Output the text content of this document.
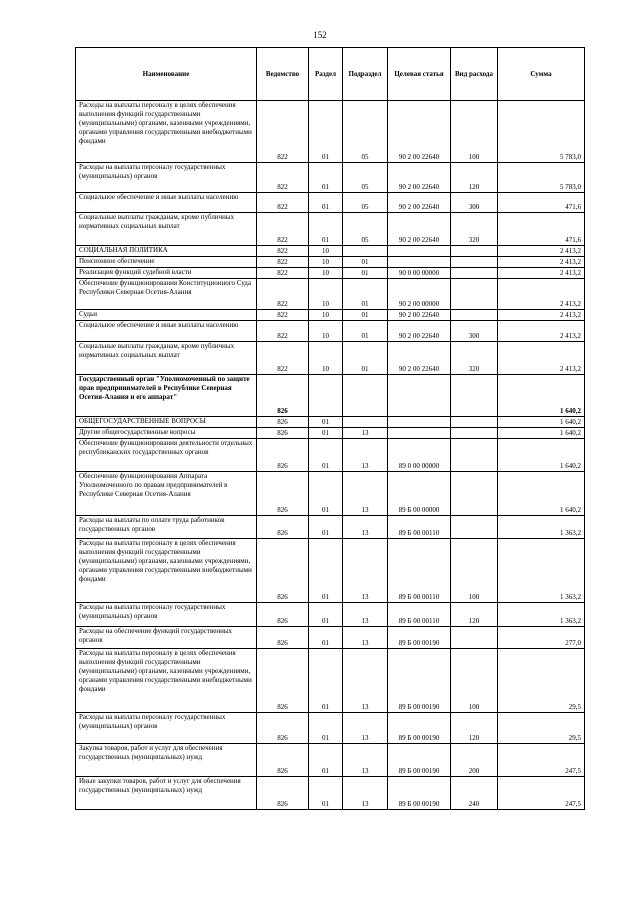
152
Наименование	Ведомство	Раздел	Подраздел	Целевая статья	Вид расхода	Сумма
Расходы на выплаты персоналу в целях обеспечения выполнения функций государственными (муниципальными) органами, казенными учреждениями, органами управления государственными внебюджетными фондами	822	01	05	90 2 00 22640	100	5 783,0
Расходы на выплаты персоналу государственных (муниципальных) органов	822	01	05	90 2 00 22640	120	5 783,0
Социальное обеспечение и иные выплаты населению	822	01	05	90 2 00 22640	300	471,6
Социальные выплаты гражданам, кроме публичных нормативных социальных выплат	822	01	05	90 2 00 22640	320	471,6
СОЦИАЛЬНАЯ ПОЛИТИКА	822	10				2 413,2
Пенсионное обеспечение	822	10	01			2 413,2
Реализация функций судебной власти	822	10	01	90 0 00 00000		2 413,2
Обеспечение функционирования Конституционного Суда Республики Северная Осетия-Алания	822	10	01	90 2 00 00000		2 413,2
Судьи	822	10	01	90 2 00 22640		2 413,2
Социальное обеспечение и иные выплаты населению	822	10	01	90 2 00 22640	300	2 413,2
Социальные выплаты гражданам, кроме публичных нормативных социальных выплат	822	10	01	90 2 00 22640	320	2 413,2
Государственный орган "Уполномоченный по защите прав предпринимателей в Республике Северная Осетия-Алания и его аппарат"	826					1 640,2
ОБЩЕГОСУДАРСТВЕННЫЕ ВОПРОСЫ	826	01				1 640,2
Другие общегосударственные вопросы	826	01	13			1 640,2
Обеспечение функционирования деятельности отдельных республиканских государственных органов	826	01	13	89 0 00 00000		1 640,2
Обеспечение функционирования Аппарата Уполномоченного по правам предпринимателей в Республике Северная Осетия-Алания	826	01	13	89 Б 00 00000		1 640,2
Расходы на выплаты по оплате труда работников государственных органов	826	01	13	89 Б 00 00110		1 363,2
Расходы на выплаты персоналу в целях обеспечения выполнения функций государственными (муниципальными) органами, казенными учреждениями, органами управления государственными внебюджетными фондами	826	01	13	89 Б 00 00110	100	1 363,2
Расходы на выплаты персоналу государственных (муниципальных) органов	826	01	13	89 Б 00 00110	120	1 363,2
Расходы на обеспечение функций государственных органов	826	01	13	89 Б 00 00190		277,0
Расходы на выплаты персоналу в целях обеспечения выполнения функций государственными (муниципальными) органами, казенными учреждениями, органами управления государственными внебюджетными фондами	826	01	13	89 Б 00 00190	100	29,5
Расходы на выплаты персоналу государственных (муниципальных) органов	826	01	13	89 Б 00 00190	120	29,5
Закупка товаров, работ и услуг для обеспечения государственных (муниципальных) нужд	826	01	13	89 Б 00 00190	200	247,5
Иные закупки товаров, работ и услуг для обеспечения государственных (муниципальных) нужд	826	01	13	89 Б 00 00190	240	247,5
